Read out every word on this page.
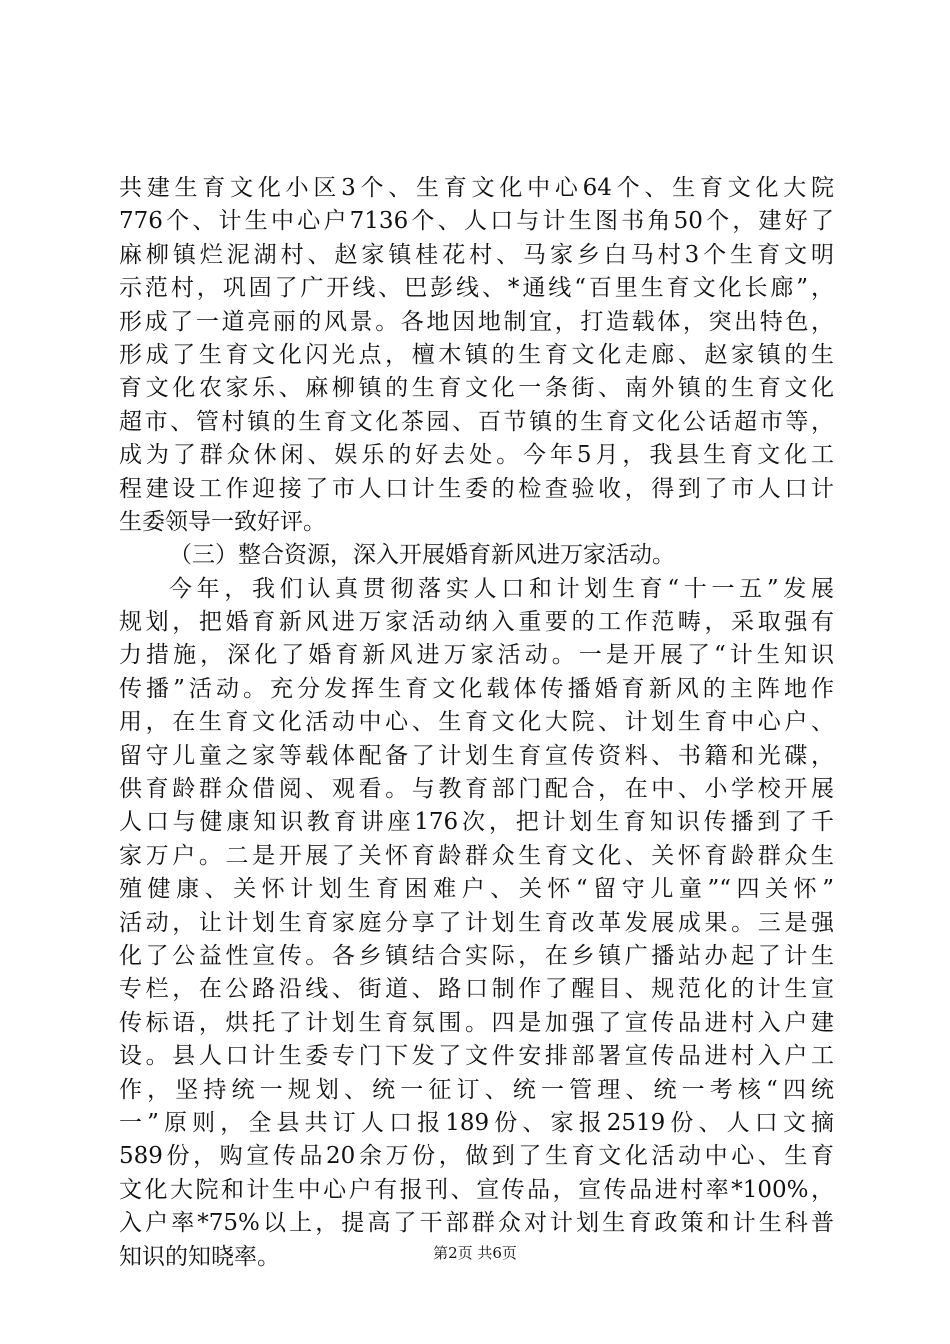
共建生育文化小区3个、生育文化中心64个、生育文化大院
776个、计生中心户7136个、人口与计生图书角50个，建好了
麻柳镇烂泥湖村、赵家镇桂花村、马家乡白马村3个生育文明
示范村，巩固了广开线、巴彭线、*通线“百里生育文化长廊”，
形成了一道亮丽的风景。各地因地制宜，打造载体，突出特色，
形成了生育文化闪光点，檀木镇的生育文化走廊、赵家镇的生
育文化农家乐、麻柳镇的生育文化一条街、南外镇的生育文化
超市、管村镇的生育文化茶园、百节镇的生育文化公话超市等，
成为了群众休闲、娱乐的好去处。今年5月，我县生育文化工
程建设工作迎接了市人口计生委的检查验收，得到了市人口计
生委领导一致好评。
（三）整合资源，深入开展婚育新风进万家活动。
今年，我们认真贯彻落实人口和计划生育“十一五”发展
规划，把婚育新风进万家活动纳入重要的工作范畴，采取强有
力措施，深化了婚育新风进万家活动。一是开展了“计生知识
传播”活动。充分发挥生育文化载体传播婚育新风的主阵地作
用，在生育文化活动中心、生育文化大院、计划生育中心户、
留守儿童之家等载体配备了计划生育宣传资料、书籍和光碟，
供育龄群众借阅、观看。与教育部门配合，在中、小学校开展
人口与健康知识教育讲座176次，把计划生育知识传播到了千
家万户。二是开展了关怀育龄群众生育文化、关怀育龄群众生
殖健康、关怀计划生育困难户、关怀“留守儿童”“四关怀”
活动，让计划生育家庭分享了计划生育改革发展成果。三是强
化了公益性宣传。各乡镇结合实际，在乡镇广播站办起了计生
专栏，在公路沿线、街道、路口制作了醒目、规范化的计生宣
传标语，烘托了计划生育氛围。四是加强了宣传品进村入户建
设。县人口计生委专门下发了文件安排部署宣传品进村入户工
作，坚持统一规划、统一征订、统一管理、统一考核“四统
一”原则，全县共订人口报189份、家报2519份、人口文摘
589份，购宣传品20余万份，做到了生育文化活动中心、生育
文化大院和计生中心户有报刊、宣传品，宣传品进村率*100%，
入户率*75%以上，提高了干部群众对计划生育政策和计生科普
知识的知晓率。	第2页 共6页
